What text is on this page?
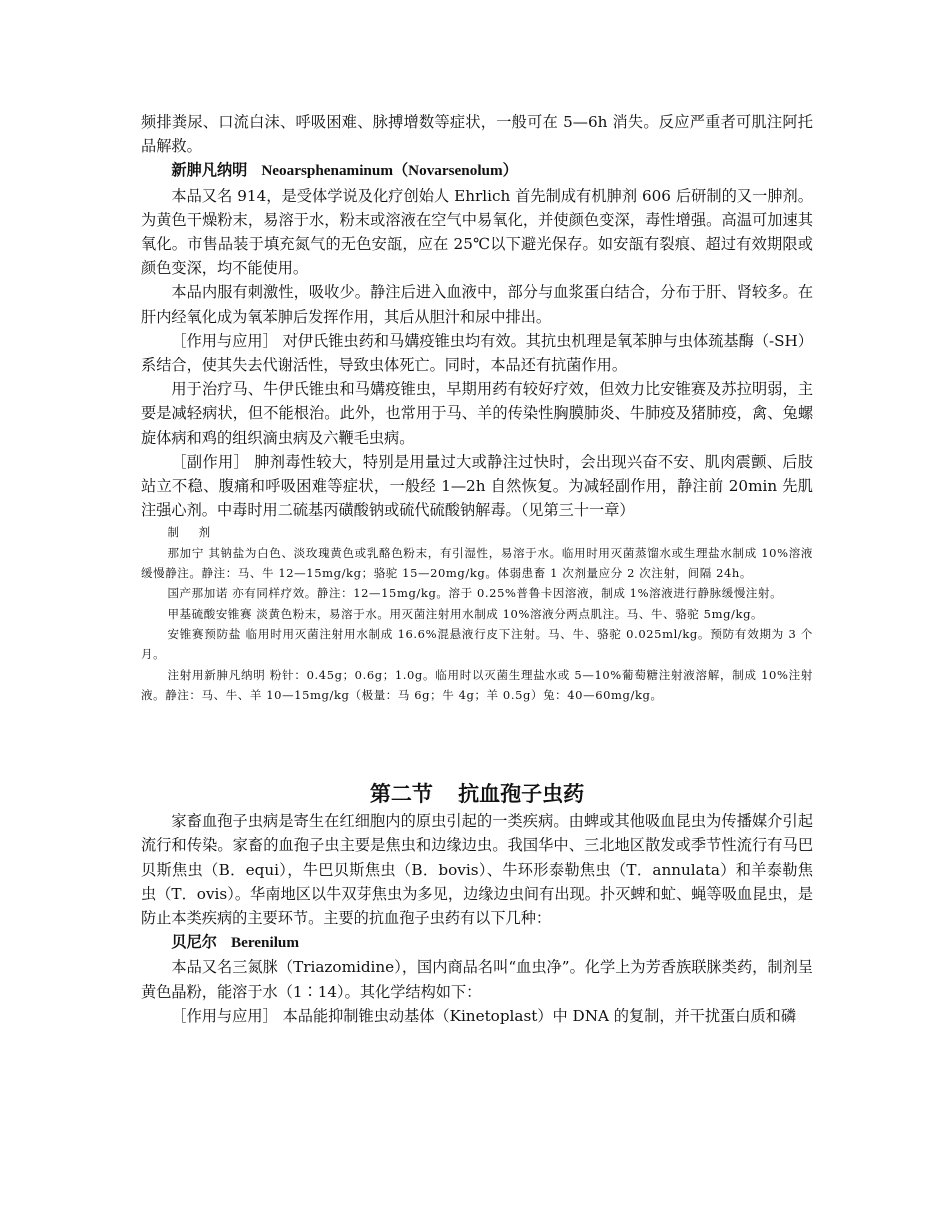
频排粪尿、口流白沫、呼吸困难、脉搏增数等症状，一般可在 5—6h 消失。反应严重者可肌注阿托品解救。

新胂凡纳明 Neoarsphenaminum（Novarsenolum）

本品又名 914，是受体学说及化疗创始人 Ehrlich 首先制成有机胂剂 606 后研制的又一胂剂。为黄色干燥粉末，易溶于水，粉末或溶液在空气中易氧化，并使颜色变深，毒性增强。高温可加速其氧化。市售品装于填充氮气的无色安瓿，应在 25℃以下避光保存。如安瓿有裂痕、超过有效期限或颜色变深，均不能使用。

本品内服有刺激性，吸收少。静注后进入血液中，部分与血浆蛋白结合，分布于肝、肾较多。在肝内经氧化成为氧苯胂后发挥作用，其后从胆汁和尿中排出。

［作用与应用］ 对伊氏锥虫药和马媾疫锥虫均有效。其抗虫机理是氧苯胂与虫体巯基酶（-SH）系结合，使其失去代谢活性，导致虫体死亡。同时，本品还有抗菌作用。

用于治疗马、牛伊氏锥虫和马媾疫锥虫，早期用药有较好疗效，但效力比安锥赛及苏拉明弱，主要是减轻病状，但不能根治。此外，也常用于马、羊的传染性胸膜肺炎、牛肺疫及猪肺疫，禽、兔螺旋体病和鸡的组织滴虫病及六鞭毛虫病。

［副作用］ 胂剂毒性较大，特别是用量过大或静注过快时，会出现兴奋不安、肌肉震颤、后肢站立不稳、腹痛和呼吸困难等症状，一般经 1—2h 自然恢复。为减轻副作用，静注前 20min 先肌注强心剂。中毒时用二硫基丙磺酸钠或硫代硫酸钠解毒。（见第三十一章）

制 剂

那加宁 其钠盐为白色、淡玫瑰黄色或乳酪色粉末，有引湿性，易溶于水。临用时用灭菌蒸馏水或生理盐水制成 10%溶液缓慢静注。静注：马、牛 12—15mg/kg；骆驼 15—20mg/kg。体弱患畜 1 次剂量应分 2 次注射，间隔 24h。

国产那加诺 亦有同样疗效。静注：12—15mg/kg。溶于 0.25%普鲁卡因溶液，制成 1%溶液进行静脉缓慢注射。

甲基硫酸安锥赛 淡黄色粉末，易溶于水。用灭菌注射用水制成 10%溶液分两点肌注。马、牛、骆驼 5mg/kg。

安锥赛预防盐 临用时用灭菌注射用水制成 16.6%混悬液行皮下注射。马、牛、骆驼 0.025ml/kg。预防有效期为 3 个月。

注射用新胂凡纳明 粉针：0.45g；0.6g；1.0g。临用时以灭菌生理盐水或 5—10%葡萄糖注射液溶解，制成 10%注射液。静注：马、牛、羊 10—15mg/kg（极量：马 6g；牛 4g；羊 0.5g）兔：40—60mg/kg。

第二节 抗血孢子虫药

家畜血孢子虫病是寄生在红细胞内的原虫引起的一类疾病。由蜱或其他吸血昆虫为传播媒介引起流行和传染。家畜的血孢子虫主要是焦虫和边缘边虫。我国华中、三北地区散发或季节性流行有马巴贝斯焦虫（B．equi），牛巴贝斯焦虫（B．bovis）、牛环形泰勒焦虫（T．annulata）和羊泰勒焦虫（T．ovis）。华南地区以牛双芽焦虫为多见，边缘边虫间有出现。扑灭蜱和虻、蝇等吸血昆虫，是防止本类疾病的主要环节。主要的抗血孢子虫药有以下几种：

贝尼尔 Berenilum

本品又名三氮脒（Triazomidine），国内商品名叫“血虫净”。化学上为芳香族联脒类药，制剂呈黄色晶粉，能溶于水（1∶14）。其化学结构如下：

［作用与应用］ 本品能抑制锥虫动基体（Kinetoplast）中 DNA 的复制，并干扰蛋白质和磷
